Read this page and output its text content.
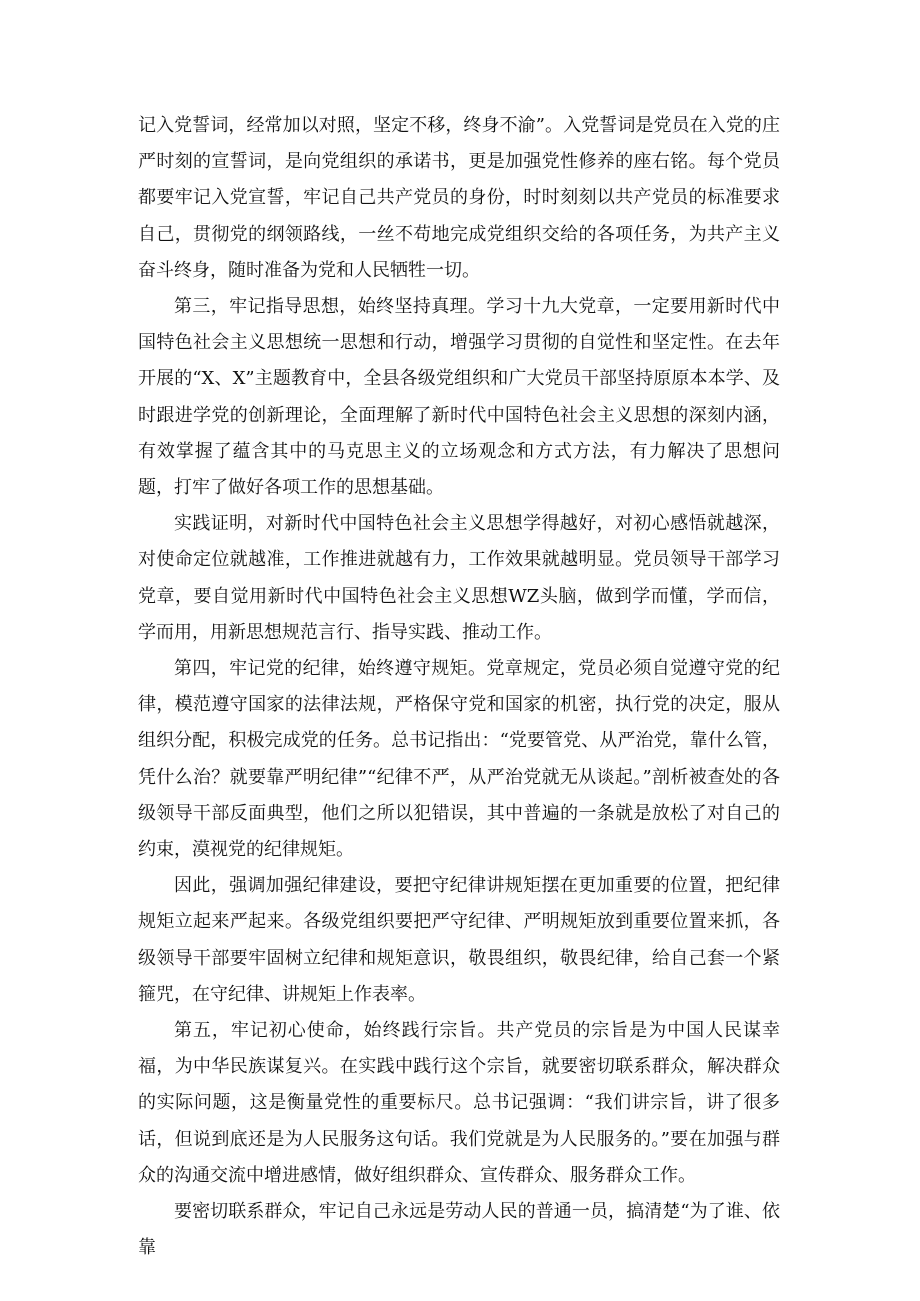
记入党誓词，经常加以对照，坚定不移，终身不渝”。入党誓词是党员在入党的庄严时刻的宣誓词，是向党组织的承诺书，更是加强党性修养的座右铭。每个党员都要牢记入党宣誓，牢记自己共产党员的身份，时时刻刻以共产党员的标准要求自己，贯彻党的纲领路线，一丝不苟地完成党组织交给的各项任务，为共产主义奋斗终身，随时准备为党和人民牺牲一切。

第三，牢记指导思想，始终坚持真理。学习十九大党章，一定要用新时代中国特色社会主义思想统一思想和行动，增强学习贯彻的自觉性和坚定性。在去年开展的“X、X”主题教育中，全县各级党组织和广大党员干部坚持原原本本学、及时跟进学党的创新理论，全面理解了新时代中国特色社会主义思想的深刻内涵，有效掌握了蕴含其中的马克思主义的立场观念和方式方法，有力解决了思想问题，打牢了做好各项工作的思想基础。

实践证明，对新时代中国特色社会主义思想学得越好，对初心感悟就越深，对使命定位就越准，工作推进就越有力，工作效果就越明显。党员领导干部学习党章，要自觉用新时代中国特色社会主义思想WZ头脑，做到学而懂，学而信，学而用，用新思想规范言行、指导实践、推动工作。

第四，牢记党的纪律，始终遵守规矩。党章规定，党员必须自觉遵守党的纪律，模范遵守国家的法律法规，严格保守党和国家的机密，执行党的决定，服从组织分配，积极完成党的任务。总书记指出：“党要管党、从严治党，靠什么管，凭什么治？就要靠严明纪律”“纪律不严，从严治党就无从谈起。”剖析被查处的各级领导干部反面典型，他们之所以犯错误，其中普遍的一条就是放松了对自己的约束，漠视党的纪律规矩。

因此，强调加强纪律建设，要把守纪律讲规矩摆在更加重要的位置，把纪律规矩立起来严起来。各级党组织要把严守纪律、严明规矩放到重要位置来抓，各级领导干部要牢固树立纪律和规矩意识，敬畏组织，敬畏纪律，给自己套一个紧箍咒，在守纪律、讲规矩上作表率。

第五，牢记初心使命，始终践行宗旨。共产党员的宗旨是为中国人民谋幸福，为中华民族谋复兴。在实践中践行这个宗旨，就要密切联系群众，解决群众的实际问题，这是衡量党性的重要标尺。总书记强调：“我们讲宗旨，讲了很多话，但说到底还是为人民服务这句话。我们党就是为人民服务的。”要在加强与群众的沟通交流中增进感情，做好组织群众、宣传群众、服务群众工作。

要密切联系群众，牢记自己永远是劳动人民的普通一员，搞清楚“为了谁、依靠
